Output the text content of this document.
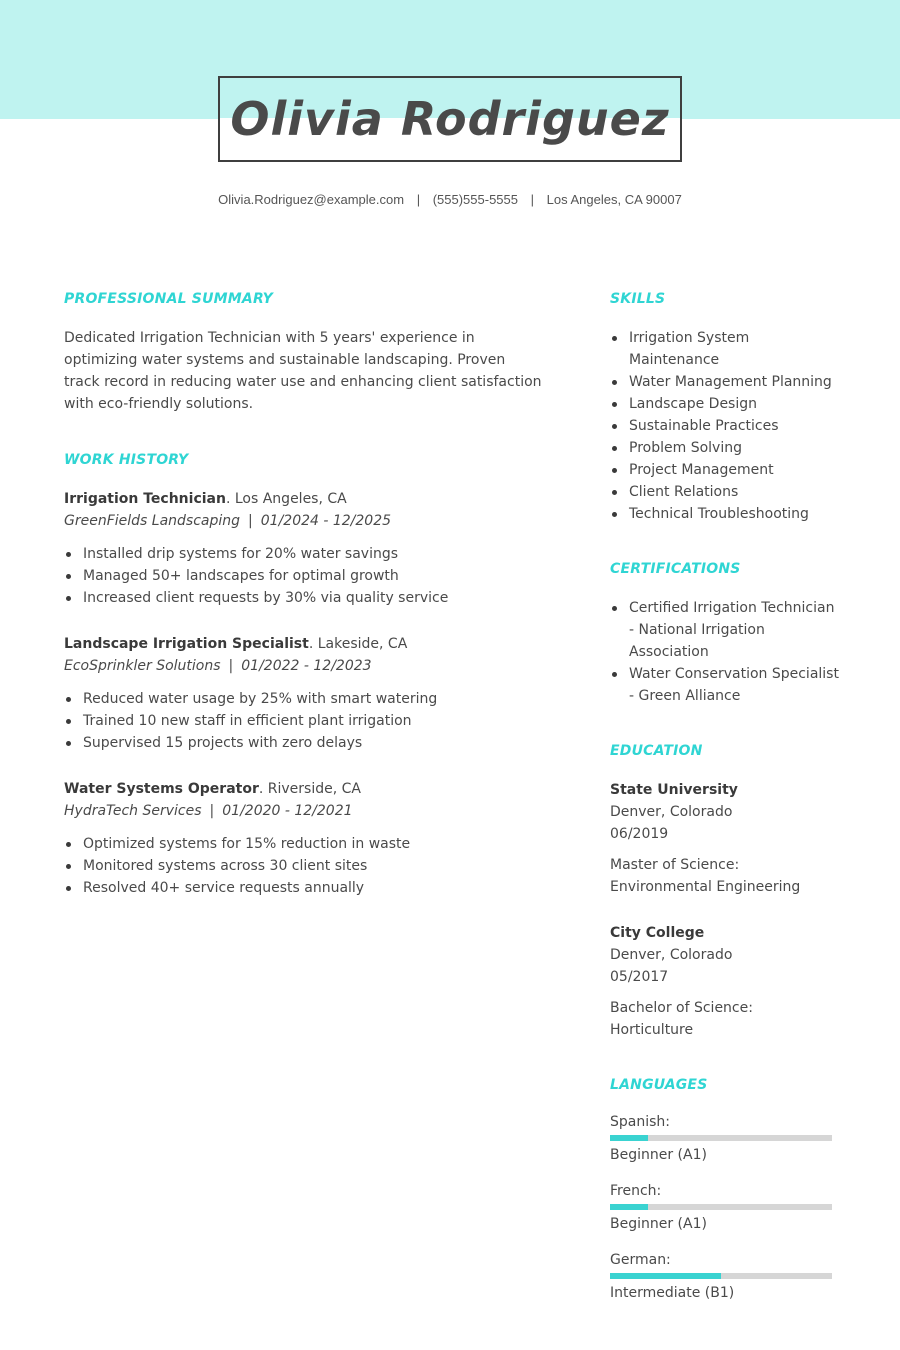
Olivia Rodriguez
Olivia.Rodriguez@example.com | (555)555-5555 | Los Angeles, CA 90007
PROFESSIONAL SUMMARY

Dedicated Irrigation Technician with 5 years' experience in optimizing water systems and sustainable landscaping. Proven track record in reducing water use and enhancing client satisfaction with eco-friendly solutions.

WORK HISTORY
Irrigation Technician. Los Angeles, CA
GreenFields Landscaping | 01/2024 - 12/2025
Installed drip systems for 20% water savings
Managed 50+ landscapes for optimal growth
Increased client requests by 30% via quality service
Landscape Irrigation Specialist. Lakeside, CA
EcoSprinkler Solutions | 01/2022 - 12/2023
Reduced water usage by 25% with smart watering
Trained 10 new staff in efficient plant irrigation
Supervised 15 projects with zero delays
Water Systems Operator. Riverside, CA
HydraTech Services | 01/2020 - 12/2021
Optimized systems for 15% reduction in waste
Monitored systems across 30 client sites
Resolved 40+ service requests annually
SKILLS
Irrigation System Maintenance
Water Management Planning
Landscape Design
Sustainable Practices
Problem Solving
Project Management
Client Relations
Technical Troubleshooting
CERTIFICATIONS
Certified Irrigation Technician - National Irrigation Association
Water Conservation Specialist - Green Alliance
EDUCATION
State University
Denver, Colorado
06/2019
Master of Science: Environmental Engineering
City College
Denver, Colorado
05/2017
Bachelor of Science: Horticulture
LANGUAGES
Spanish:
Beginner (A1)
French:
Beginner (A1)
German:
Intermediate (B1)
